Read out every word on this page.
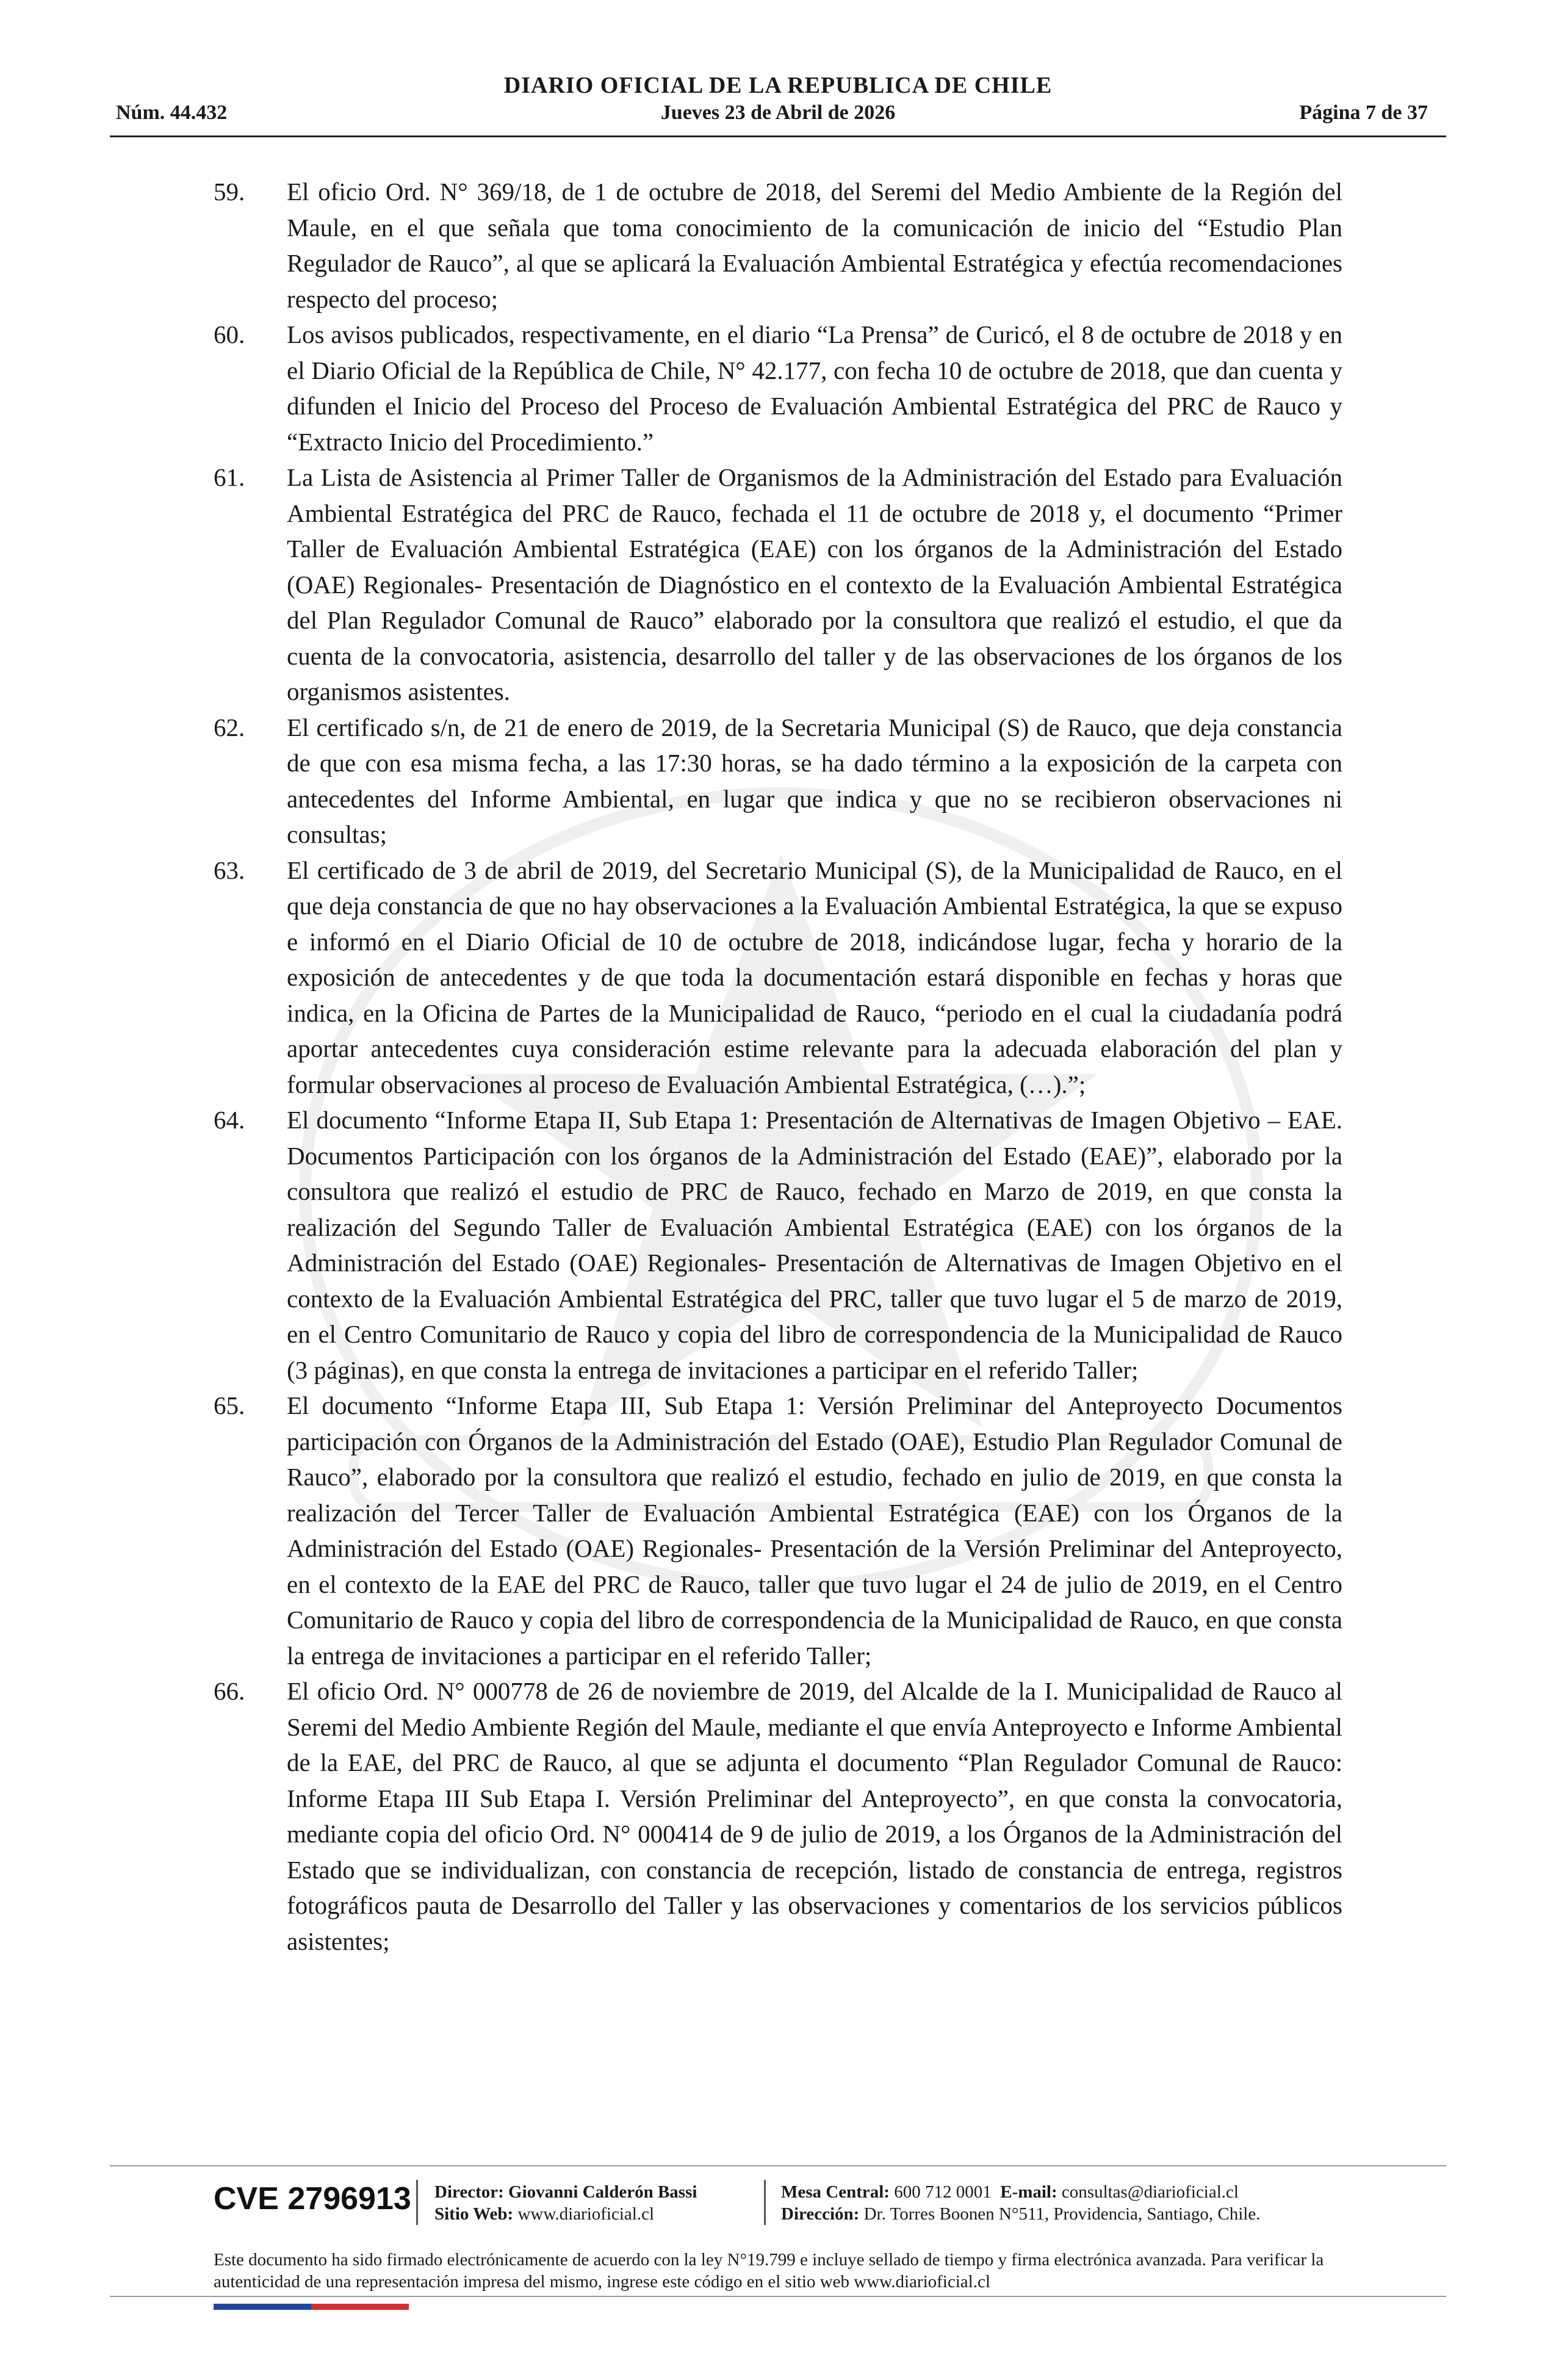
DIARIO OFICIAL DE LA REPUBLICA DE CHILE
Núm. 44.432	Jueves 23 de Abril de 2026	Página 7 de 37
59. El oficio Ord. N° 369/18, de 1 de octubre de 2018, del Seremi del Medio Ambiente de la Región del Maule, en el que señala que toma conocimiento de la comunicación de inicio del “Estudio Plan Regulador de Rauco”, al que se aplicará la Evaluación Ambiental Estratégica y efectúa recomendaciones respecto del proceso;
60. Los avisos publicados, respectivamente, en el diario “La Prensa” de Curicó, el 8 de octubre de 2018 y en el Diario Oficial de la República de Chile, N° 42.177, con fecha 10 de octubre de 2018, que dan cuenta y difunden el Inicio del Proceso del Proceso de Evaluación Ambiental Estratégica del PRC de Rauco y “Extracto Inicio del Procedimiento.”
61. La Lista de Asistencia al Primer Taller de Organismos de la Administración del Estado para Evaluación Ambiental Estratégica del PRC de Rauco, fechada el 11 de octubre de 2018 y, el documento “Primer Taller de Evaluación Ambiental Estratégica (EAE) con los órganos de la Administración del Estado (OAE) Regionales- Presentación de Diagnóstico en el contexto de la Evaluación Ambiental Estratégica del Plan Regulador Comunal de Rauco” elaborado por la consultora que realizó el estudio, el que da cuenta de la convocatoria, asistencia, desarrollo del taller y de las observaciones de los órganos de los organismos asistentes.
62. El certificado s/n, de 21 de enero de 2019, de la Secretaria Municipal (S) de Rauco, que deja constancia de que con esa misma fecha, a las 17:30 horas, se ha dado término a la exposición de la carpeta con antecedentes del Informe Ambiental, en lugar que indica y que no se recibieron observaciones ni consultas;
63. El certificado de 3 de abril de 2019, del Secretario Municipal (S), de la Municipalidad de Rauco, en el que deja constancia de que no hay observaciones a la Evaluación Ambiental Estratégica, la que se expuso e informó en el Diario Oficial de 10 de octubre de 2018, indicándose lugar, fecha y horario de la exposición de antecedentes y de que toda la documentación estará disponible en fechas y horas que indica, en la Oficina de Partes de la Municipalidad de Rauco, “periodo en el cual la ciudadanía podrá aportar antecedentes cuya consideración estime relevante para la adecuada elaboración del plan y formular observaciones al proceso de Evaluación Ambiental Estratégica, (…).”;
64. El documento “Informe Etapa II, Sub Etapa 1: Presentación de Alternativas de Imagen Objetivo – EAE. Documentos Participación con los órganos de la Administración del Estado (EAE)”, elaborado por la consultora que realizó el estudio de PRC de Rauco, fechado en Marzo de 2019, en que consta la realización del Segundo Taller de Evaluación Ambiental Estratégica (EAE) con los órganos de la Administración del Estado (OAE) Regionales- Presentación de Alternativas de Imagen Objetivo en el contexto de la Evaluación Ambiental Estratégica del PRC, taller que tuvo lugar el 5 de marzo de 2019, en el Centro Comunitario de Rauco y copia del libro de correspondencia de la Municipalidad de Rauco (3 páginas), en que consta la entrega de invitaciones a participar en el referido Taller;
65. El documento “Informe Etapa III, Sub Etapa 1: Versión Preliminar del Anteproyecto Documentos participación con Órganos de la Administración del Estado (OAE), Estudio Plan Regulador Comunal de Rauco”, elaborado por la consultora que realizó el estudio, fechado en julio de 2019, en que consta la realización del Tercer Taller de Evaluación Ambiental Estratégica (EAE) con los Órganos de la Administración del Estado (OAE) Regionales- Presentación de la Versión Preliminar del Anteproyecto, en el contexto de la EAE del PRC de Rauco, taller que tuvo lugar el 24 de julio de 2019, en el Centro Comunitario de Rauco y copia del libro de correspondencia de la Municipalidad de Rauco, en que consta la entrega de invitaciones a participar en el referido Taller;
66. El oficio Ord. N° 000778 de 26 de noviembre de 2019, del Alcalde de la I. Municipalidad de Rauco al Seremi del Medio Ambiente Región del Maule, mediante el que envía Anteproyecto e Informe Ambiental de la EAE, del PRC de Rauco, al que se adjunta el documento “Plan Regulador Comunal de Rauco: Informe Etapa III Sub Etapa I. Versión Preliminar del Anteproyecto”, en que consta la convocatoria, mediante copia del oficio Ord. N° 000414 de 9 de julio de 2019, a los Órganos de la Administración del Estado que se individualizan, con constancia de recepción, listado de constancia de entrega, registros fotográficos pauta de Desarrollo del Taller y las observaciones y comentarios de los servicios públicos asistentes;
CVE 2796913 Director: Giovanni Calderón Bassi
Sitio Web: www.diarioficial.cl
Mesa Central: 600 712 0001 E-mail: consultas@diarioficial.cl
Dirección: Dr. Torres Boonen N°511, Providencia, Santiago, Chile.
Este documento ha sido firmado electrónicamente de acuerdo con la ley N°19.799 e incluye sellado de tiempo y firma electrónica avanzada. Para verificar la autenticidad de una representación impresa del mismo, ingrese este código en el sitio web www.diarioficial.cl
